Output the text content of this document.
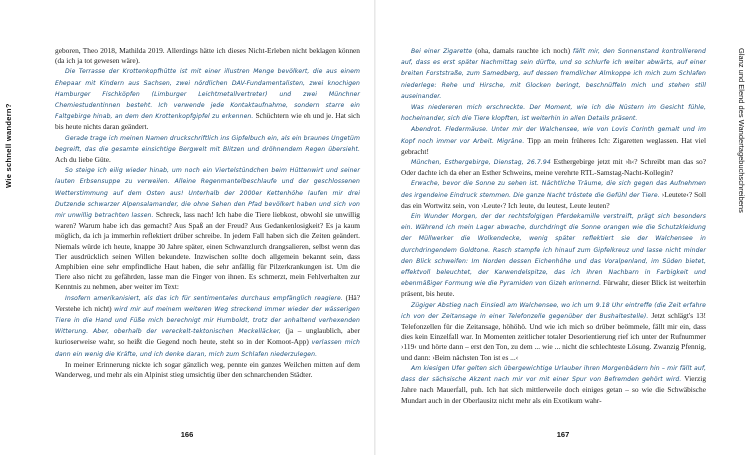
Wie schnell wandern?

geboren, Theo 2018, Mathilda 2019. Allerdings hätte ich dieses Nicht-Erleben nicht beklagen können (da ich ja tot gewesen wäre).

Die Terrasse der Krottenkopfhütte ist mit einer illustren Menge bevölkert, die aus einem Ehepaar mit Kindern aus Sachsen, zwei nördlichen DAV-Fundamentalisten, zwei knochigen Hamburger Fischköpfen (Limburger Leichtmetallvertreter) und zwei Münchner Chemiestudentinnen besteht. Ich verwende jede Kontaktaufnahme, sondern starre ein Faltgebirge hinab, an dem den Krottenkopfgipfel zu erkennen. Schüchtern wie eh und je. Hat sich bis heute nichts daran geändert.

Gerade trage ich meinen Namen druckschriftlich ins Gipfelbuch ein, als ein braunes Ungetüm begreift, das die gesamte einsichtige Bergwelt mit Blitzen und dröhnendem Regen übersieht. Ach du liebe Güte.

So steige ich eilig wieder hinab, um noch ein Viertelstündchen beim Hüttenwirt und seiner lauten Erbsensuppe zu verweilen. Alleine Regenmantelbeschlaufe und der geschlossenen Wetterstimmung auf dem Osten aus! Unterhalb der 2000er Kettenhöhe laufen mir drei Dutzende schwarzer Alpensalamander, die ohne Sehen den Pfad bevölkert haben und sich von mir unwillig betrachten lassen. Schreck, lass nach! Ich habe die Tiere liebkost, obwohl sie unwillig waren? Warum habe ich das gemacht? Aus Spaß an der Freud? Aus Gedankenlosigkeit? Es ja kaum möglich, da ich ja immerhin reflektiert drüber schreibe. In jedem Fall haben sich die Zeiten geändert. Niemals würde ich heute, knappe 30 Jahre später, einen Schwanzlurch drangsalieren, selbst wenn das Tier ausdrücklich seinen Willen bekundete. Inzwischen sollte doch allgemein bekannt sein, dass Amphibien eine sehr empfindliche Haut haben, die sehr anfällig für Pilzerkrankungen ist. Um die Tiere also nicht zu gefährden, lasse man die Finger von ihnen. Es schmerzt, mein Fehlverhalten zur Kenntnis zu nehmen, aber weiter im Text:

Insofern amerikanisiert, als das ich für sentimentales durchaus empfänglich reagiere. (Hä? Verstehe ich nicht) wird mir auf meinem weiteren Weg streckend immer wieder der wässerigen Tiere in die Hand und Füße mich berechnigt mir Humboldt, trotz der anhaltend verhexenden Witterung. Aber, oberhalb der vereckelt-tektonischen Meckelläcker, (ja – unglaublich, aber kurioserweise wahr, so heißt die Gegend noch heute, steht so in der Komoot-App) verlassen mich dann ein wenig die Kräfte, und ich denke daran, mich zum Schlafen niederzulegen.

In meiner Erinnerung nickte ich sogar gänzlich weg, pennte ein ganzes Weilchen mitten auf dem Wanderweg, und mehr als ein Alpinist stieg umsichtig über den schnarchenden Städter.

166
Glanz und Elend des Wandertagebuchschreibens

Bei einer Zigarette (oha, damals rauchte ich noch) fällt mir, den Sonnenstand kontrollierend auf, dass es erst später Nachmittag sein dürfte, und so schlurfe ich weiter abwärts, auf einer breiten Forststraße, zum Samedberg, auf dessen fremdlicher Almkoppe ich mich zum Schlafen niederlege: Rehe und Hirsche, mit Glocken beringt, beschnüffeln mich und stehen still auseinander.

Was niedereren mich erschreckte. Der Moment, wie ich die Nüstern im Gesicht fühle, hocheinander, sich die Tiere klopften, ist weiterhin in allen Details präsent.

Abendrot. Fledermäuse. Unter mir der Walchensee, wie von Lovis Corinth gemalt und im Kopf noch immer vor Arbeit. Migräne. Tipp an mein früheres Ich: Zigaretten weglassen. Hat viel gebracht!

München, Esthergebirge, Dienstag, 26.7.94 Esthergebirge jetzt mit ›h‹? Schreibt man das so? Oder dachte ich da eher an Esther Schweins, meine verehrte RTL-Samstag-Nacht-Kollegin?

Erwache, bevor die Sonne zu sehen ist. Nächtliche Träume, die sich gegen das Aufnehmen des irgendeine Eindruck stemmen. Die ganze Nacht tröstete die Gefühl der Tiere. ›Leutete‹? Soll das ein Wortwitz sein, von ›Leute‹? Ich leute, du leutest, Leute leuten?

Ein Wunder Morgen, der der rechtsfolgigen Pferdekamille verstreift, prägt sich besonders ein. Während ich mein Lager abwache, durchdringt die Sonne orangen wie die Schutzkleidung der Müllwerker die Wolkendecke, wenig später reflektiert sie der Walchensee in durchdringendem Goldtone. Rasch stampfe ich hinauf zum Gipfelkreuz und lasse nicht minder den Blick schweifen: Im Norden dessen Eichenhöhe und das Voralpenland, im Süden bietet, effektvoll beleuchtet, der Karwendelspitze, das ich ihren Nachbarn in Farbigkeit und ebenmäßiger Formung wie die Pyramiden von Gizeh erinnernd. Fürwahr, dieser Blick ist weiterhin präsent, bis heute.

Zügiger Abstieg nach Einsiedl am Walchensee, wo ich um 9.18 Uhr eintreffe (die Zeit erfahre ich von der Zeitansage in einer Telefonzelle gegenüber der Bushaltestelle). Jetzt schlägt's 13! Telefonzellen für die Zeitansage, höhöhö. Und wie ich mich so drüber beömmele, fällt mir ein, dass dies kein Einzelfall war. In Momenten zeitlicher totaler Desorientierung rief ich unter der Rufnummer ›119‹ und hörte dann – erst den Ton, zu dem ... wie ... nicht die schlechteste Lösung. Zwanzig Pfennig, und dann: ›Beim nächsten Ton ist es ...‹

Am kiesigen Ufer gelten sich übergewichtige Urlauber ihren Morgenbädern hin – mir fällt auf, dass der sächsische Akzent nach mir vor mit einer Spur von Befremden gehört wird. Vierzig Jahre nach Mauerfall, puh. Ich hat sich mittlerweile doch einiges getan – so wie die Schwäbische Mundart auch in der Oberlausitz nicht mehr als ein Exotikum wahr-

167
